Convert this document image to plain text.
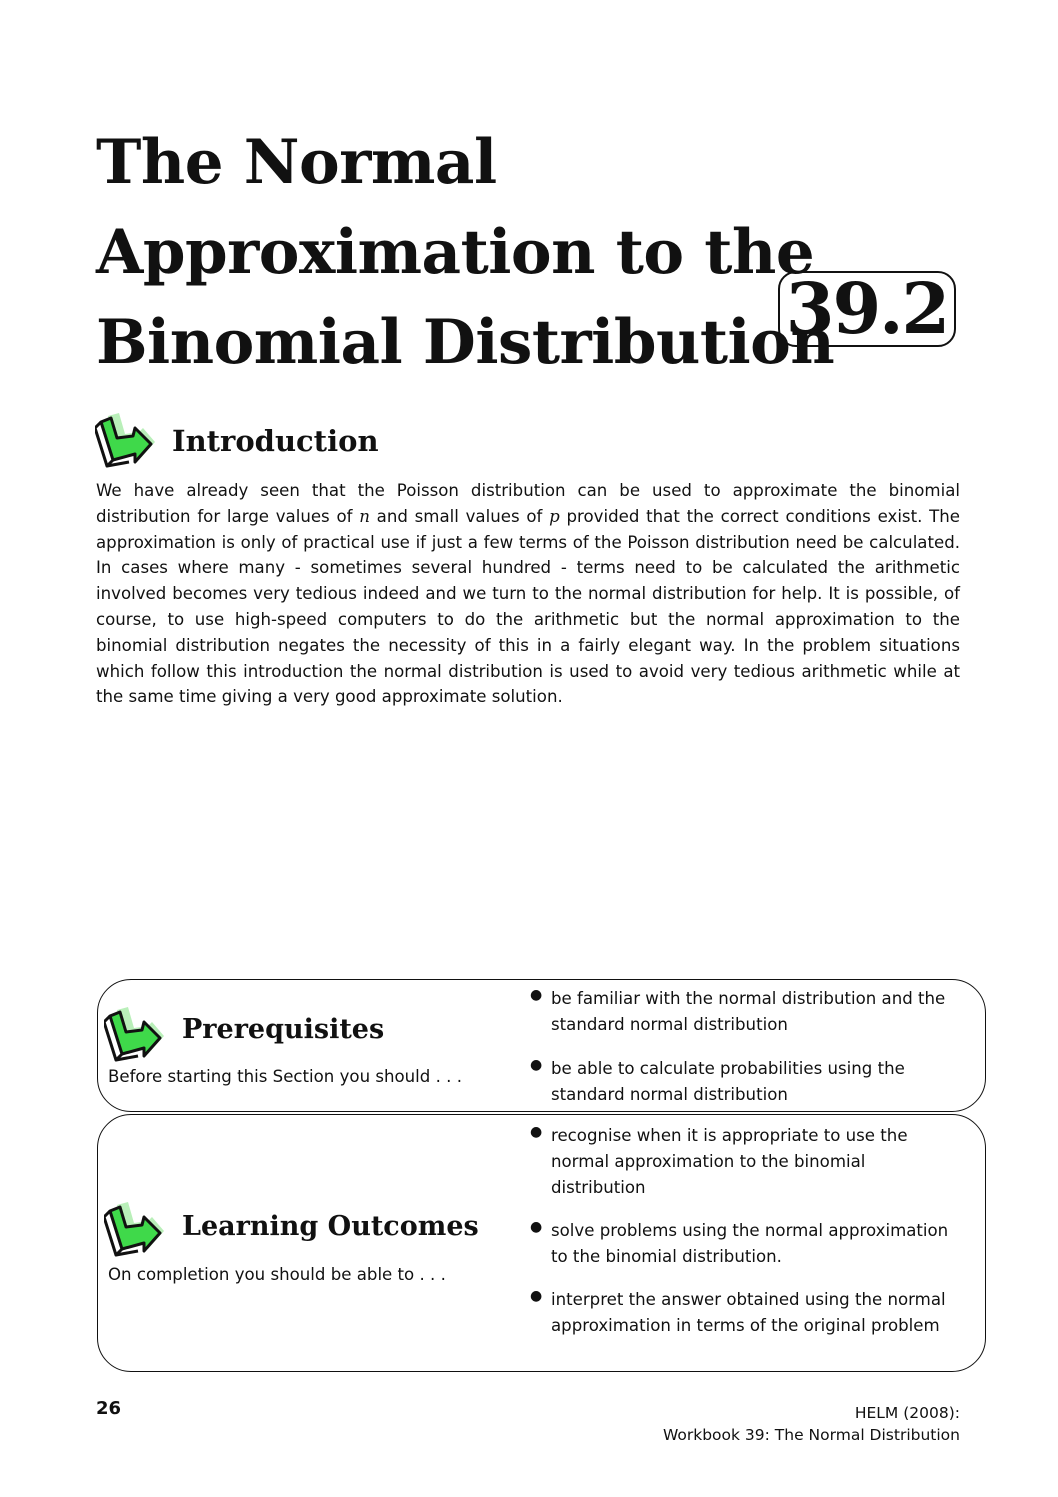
The Normal
Approximation to the
Binomial Distribution
39.2
Introduction

We have already seen that the Poisson distribution can be used to approximate the binomial distribution for large values of n and small values of p provided that the correct conditions exist. The approximation is only of practical use if just a few terms of the Poisson distribution need be calculated. In cases where many - sometimes several hundred - terms need to be calculated the arithmetic involved becomes very tedious indeed and we turn to the normal distribution for help. It is possible, of course, to use high-speed computers to do the arithmetic but the normal approximation to the binomial distribution negates the necessity of this in a fairly elegant way. In the problem situations which follow this introduction the normal distribution is used to avoid very tedious arithmetic while at the same time giving a very good approximate solution.

Prerequisites

Before starting this Section you should . . .

● be familiar with the normal distribution and the standard normal distribution
● be able to calculate probabilities using the standard normal distribution
Learning Outcomes

On completion you should be able to . . .

● recognise when it is appropriate to use the normal approximation to the binomial distribution
● solve problems using the normal approximation to the binomial distribution.
● interpret the answer obtained using the normal approximation in terms of the original problem

26	HELM (2008):
Workbook 39: The Normal Distribution
